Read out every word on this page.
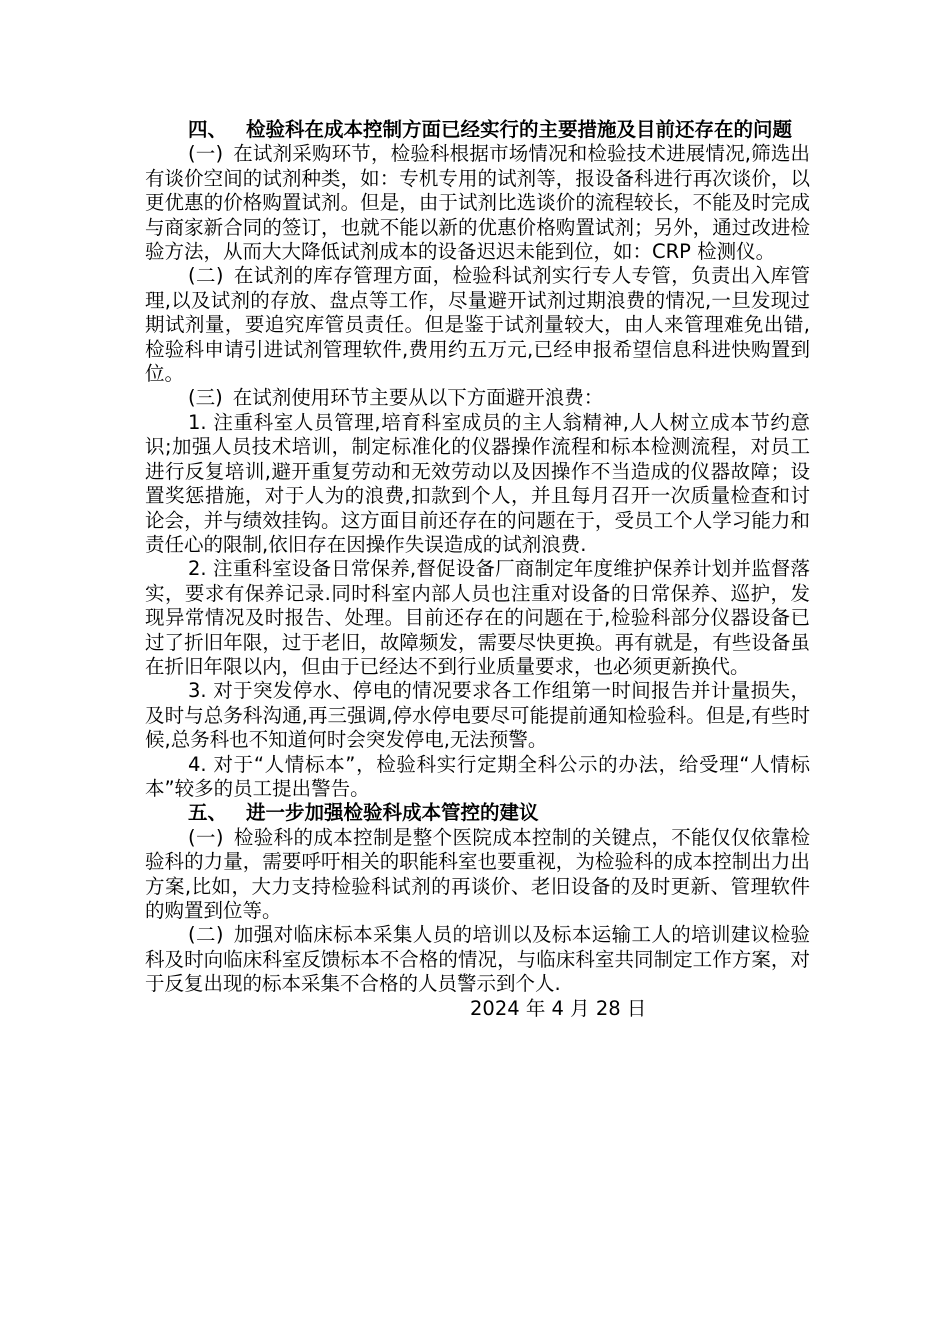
四、 检验科在成本控制方面已经实行的主要措施及目前还存在的问题

(一) 在试剂采购环节，检验科根据市场情况和检验技术进展情况,筛选出有谈价空间的试剂种类，如：专机专用的试剂等，报设备科进行再次谈价，以更优惠的价格购置试剂。但是，由于试剂比选谈价的流程较长，不能及时完成与商家新合同的签订，也就不能以新的优惠价格购置试剂；另外，通过改进检验方法，从而大大降低试剂成本的设备迟迟未能到位，如：CRP 检测仪。

(二) 在试剂的库存管理方面，检验科试剂实行专人专管，负责出入库管理,以及试剂的存放、盘点等工作，尽量避开试剂过期浪费的情况,一旦发现过期试剂量，要追究库管员责任。但是鉴于试剂量较大，由人来管理难免出错,检验科申请引进试剂管理软件,费用约五万元,已经申报希望信息科进快购置到位。

(三) 在试剂使用环节主要从以下方面避开浪费：

1. 注重科室人员管理,培育科室成员的主人翁精神,人人树立成本节约意识;加强人员技术培训，制定标准化的仪器操作流程和标本检测流程，对员工进行反复培训,避开重复劳动和无效劳动以及因操作不当造成的仪器故障；设置奖惩措施，对于人为的浪费,扣款到个人，并且每月召开一次质量检查和讨论会，并与绩效挂钩。这方面目前还存在的问题在于，受员工个人学习能力和责任心的限制,依旧存在因操作失误造成的试剂浪费.

2. 注重科室设备日常保养,督促设备厂商制定年度维护保养计划并监督落实，要求有保养记录.同时科室内部人员也注重对设备的日常保养、巡护，发现异常情况及时报告、处理。目前还存在的问题在于,检验科部分仪器设备已过了折旧年限，过于老旧，故障频发，需要尽快更换。再有就是，有些设备虽在折旧年限以内，但由于已经达不到行业质量要求，也必须更新换代。

3. 对于突发停水、停电的情况要求各工作组第一时间报告并计量损失，及时与总务科沟通,再三强调,停水停电要尽可能提前通知检验科。但是,有些时候,总务科也不知道何时会突发停电,无法预警。

4. 对于“人情标本”，检验科实行定期全科公示的办法，给受理“人情标本”较多的员工提出警告。

五、 进一步加强检验科成本管控的建议

(一) 检验科的成本控制是整个医院成本控制的关键点，不能仅仅依靠检验科的力量，需要呼吁相关的职能科室也要重视，为检验科的成本控制出力出方案,比如，大力支持检验科试剂的再谈价、老旧设备的及时更新、管理软件的购置到位等。

(二) 加强对临床标本采集人员的培训以及标本运输工人的培训建议检验科及时向临床科室反馈标本不合格的情况，与临床科室共同制定工作方案，对于反复出现的标本采集不合格的人员警示到个人.

2024 年 4 月 28 日
